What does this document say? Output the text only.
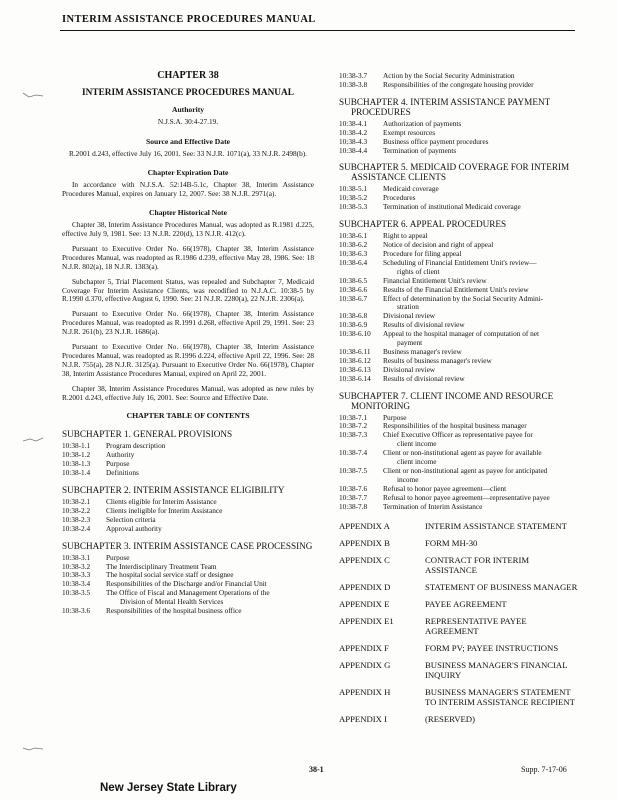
INTERIM ASSISTANCE PROCEDURES MANUAL
CHAPTER 38
INTERIM ASSISTANCE PROCEDURES MANUAL
Authority
N.J.S.A. 30:4-27.19.
Source and Effective Date
R.2001 d.243, effective July 16, 2001. See: 33 N.J.R. 1071(a), 33 N.J.R. 2498(b).
Chapter Expiration Date
In accordance with N.J.S.A. 52:14B-5.1c, Chapter 38, Interim Assistance Procedures Manual, expires on January 12, 2007. See: 38 N.J.R. 2971(a).
Chapter Historical Note
Chapter 38, Interim Assistance Procedures Manual, was adopted as R.1981 d.225, effective July 9, 1981. See: 13 N.J.R. 220(d), 13 N.J.R. 412(c).
Pursuant to Executive Order No. 66(1978), Chapter 38, Interim Assistance Procedures Manual, was readopted as R.1986 d.239, effective May 28, 1986. See: 18 N.J.R. 802(a), 18 N.J.R. 1383(a).
Subchapter 5, Trial Placement Status, was repealed and Subchapter 7, Medicaid Coverage For Interim Assistance Clients, was recodified to N.J.A.C. 10:38-5 by R.1990 d.370, effective August 6, 1990. See: 21 N.J.R. 2280(a), 22 N.J.R. 2306(a).
Pursuant to Executive Order No. 66(1978), Chapter 38, Interim Assistance Procedures Manual, was readopted as R.1991 d.268, effective April 29, 1991. See: 23 N.J.R. 261(b), 23 N.J.R. 1686(a).
Pursuant to Executive Order No. 66(1978), Chapter 38, Interim Assistance Procedures Manual, was readopted as R.1996 d.224, effective April 22, 1996. See: 28 N.J.R. 755(a), 28 N.J.R. 3125(a). Pursuant to Executive Order No. 66(1978), Chapter 38, Interim Assistance Procedures Manual, expired on April 22, 2001.
Chapter 38, Interim Assistance Procedures Manual, was adopted as new rules by R.2001 d.243, effective July 16, 2001. See: Source and Effective Date.
CHAPTER TABLE OF CONTENTS
SUBCHAPTER 1. GENERAL PROVISIONS
10:38-1.1	Program description
10:38-1.2	Authority
10:38-1.3	Purpose
10:38-1.4	Definitions
SUBCHAPTER 2. INTERIM ASSISTANCE ELIGIBILITY
10:38-2.1	Clients eligible for Interim Assistance
10:38-2.2	Clients ineligible for Interim Assistance
10:38-2.3	Selection criteria
10:38-2.4	Approval authority
SUBCHAPTER 3. INTERIM ASSISTANCE CASE PROCESSING
10:38-3.1	Purpose
10:38-3.2	The Interdisciplinary Treatment Team
10:38-3.3	The hospital social service staff or designee
10:38-3.4	Responsibilities of the Discharge and/or Financial Unit
10:38-3.5	The Office of Fiscal and Management Operations of the
Division of Mental Health Services
10:38-3.6	Responsibilities of the hospital business office
10:38-3.7	Action by the Social Security Administration
10:38-3.8	Responsibilities of the congregate housing provider
SUBCHAPTER 4. INTERIM ASSISTANCE PAYMENT PROCEDURES
10:38-4.1	Authorization of payments
10:38-4.2	Exempt resources
10:38-4.3	Business office payment procedures
10:38-4.4	Termination of payments
SUBCHAPTER 5. MEDICAID COVERAGE FOR INTERIM ASSISTANCE CLIENTS
10:38-5.1	Medicaid coverage
10:38-5.2	Procedures
10:38-5.3	Termination of institutional Medicaid coverage
SUBCHAPTER 6. APPEAL PROCEDURES
10:38-6.1	Right to appeal
10:38-6.2	Notice of decision and right of appeal
10:38-6.3	Procedure for filing appeal
10:38-6.4	Scheduling of Financial Entitlement Unit's review—
rights of client
10:38-6.5	Financial Entitlement Unit's review
10:38-6.6	Results of the Financial Entitlement Unit's review
10:38-6.7	Effect of determination by the Social Security Admini-
stration
10:38-6.8	Divisional review
10:38-6.9	Results of divisional review
10:38-6.10	Appeal to the hospital manager of computation of net
payment
10:38-6.11	Business manager's review
10:38-6.12	Results of business manager's review
10:38-6.13	Divisional review
10:38-6.14	Results of divisional review
SUBCHAPTER 7. CLIENT INCOME AND RESOURCE MONITORING
10:38-7.1	Purpose
10:38-7.2	Responsibilities of the hospital business manager
10:38-7.3	Chief Executive Officer as representative payee for
client income
10:38-7.4	Client or non-institutional agent as payee for available
client income
10:38-7.5	Client or non-institutional agent as payee for anticipated
income
10:38-7.6	Refusal to honor payee agreement—client
10:38-7.7	Refusal to honor payee agreement—representative payee
10:38-7.8	Termination of Interim Assistance
APPENDIX A	INTERIM ASSISTANCE STATEMENT
APPENDIX B	FORM MH-30
APPENDIX C	CONTRACT FOR INTERIM ASSISTANCE
APPENDIX D	STATEMENT OF BUSINESS MANAGER
APPENDIX E	PAYEE AGREEMENT
APPENDIX E1	REPRESENTATIVE PAYEE AGREEMENT
APPENDIX F	FORM PV; PAYEE INSTRUCTIONS
APPENDIX G	BUSINESS MANAGER'S FINANCIAL INQUIRY
APPENDIX H	BUSINESS MANAGER'S STATEMENT TO INTERIM ASSISTANCE RECIPIENT
APPENDIX I	(RESERVED)
38-1	Supp. 7-17-06
New Jersey State Library
